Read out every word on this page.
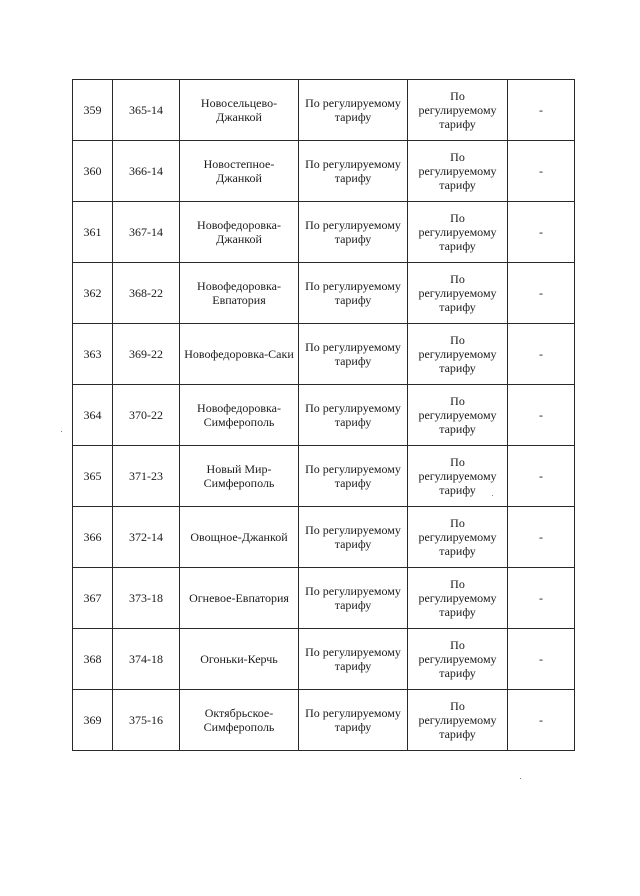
359	365-14	Новосельцево-
Джанкой	По регулируемому
тарифу	По
регулируемому
тарифу	-
360	366-14	Новостепное-
Джанкой	По регулируемому
тарифу	По
регулируемому
тарифу	-
361	367-14	Новофедоровка-
Джанкой	По регулируемому
тарифу	По
регулируемому
тарифу	-
362	368-22	Новофедоровка-
Евпатория	По регулируемому
тарифу	По
регулируемому
тарифу	-
363	369-22	Новофедоровка-Саки	По регулируемому
тарифу	По
регулируемому
тарифу	-
364	370-22	Новофедоровка-
Симферополь	По регулируемому
тарифу	По
регулируемому
тарифу	-
365	371-23	Новый Мир-
Симферополь	По регулируемому
тарифу	По
регулируемому
тарифу	-
366	372-14	Овощное-Джанкой	По регулируемому
тарифу	По
регулируемому
тарифу	-
367	373-18	Огневое-Евпатория	По регулируемому
тарифу	По
регулируемому
тарифу	-
368	374-18	Огоньки-Керчь	По регулируемому
тарифу	По
регулируемому
тарифу	-
369	375-16	Октябрьское-
Симферополь	По регулируемому
тарифу	По
регулируемому
тарифу	-
